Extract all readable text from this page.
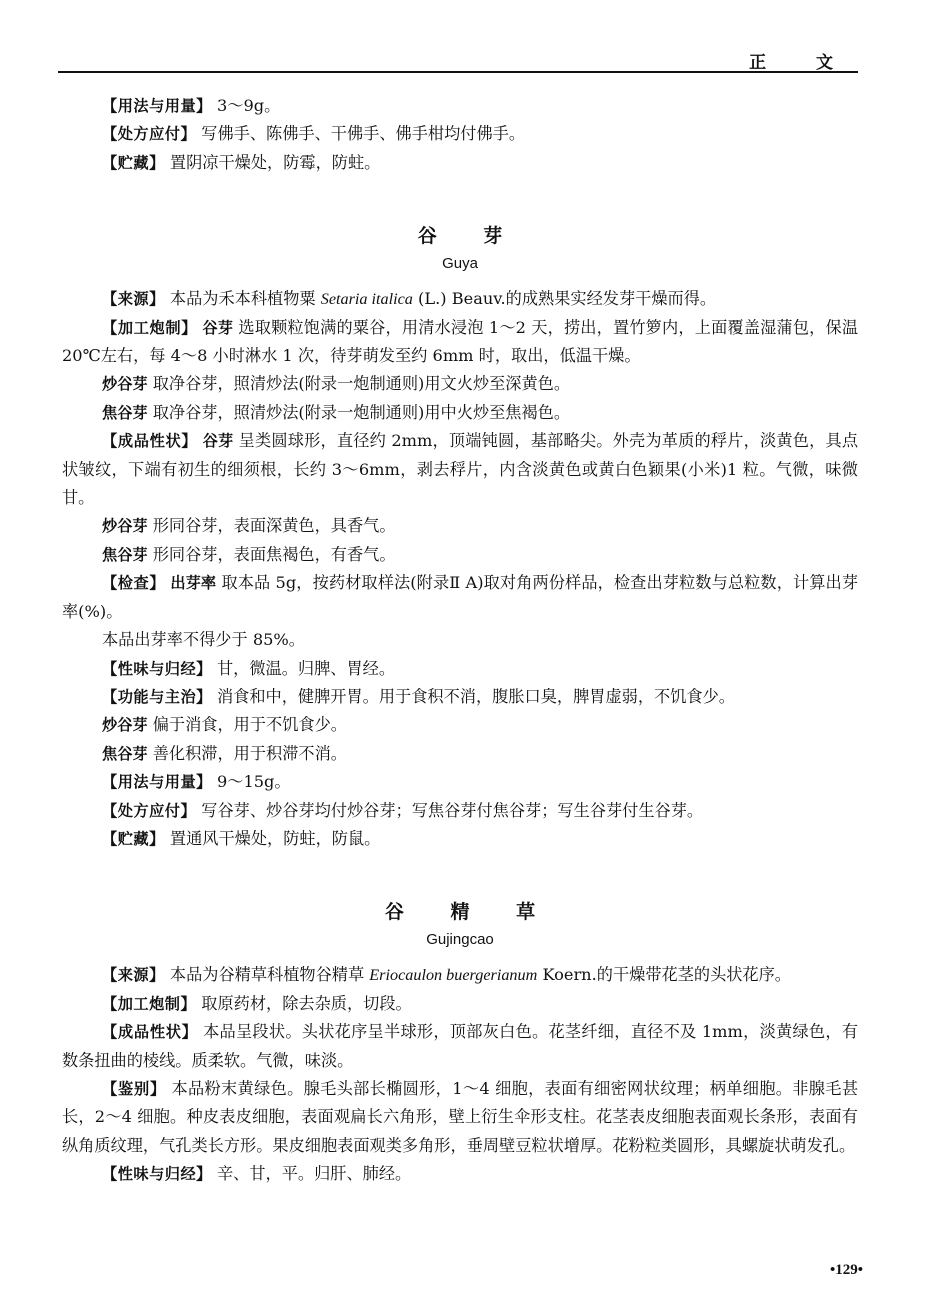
正 文

【用法与用量】 3～9g。

【处方应付】 写佛手、陈佛手、干佛手、佛手柑均付佛手。

【贮藏】 置阴凉干燥处，防霉，防蛀。

谷 芽
Guya

【来源】 本品为禾本科植物粟 Setaria italica (L.) Beauv.的成熟果实经发芽干燥而得。

【加工炮制】 谷芽 选取颗粒饱满的粟谷，用清水浸泡 1～2 天，捞出，置竹箩内，上面覆盖湿蒲包，保温 20℃左右，每 4～8 小时淋水 1 次，待芽萌发至约 6mm 时，取出，低温干燥。

炒谷芽 取净谷芽，照清炒法(附录一炮制通则)用文火炒至深黄色。

焦谷芽 取净谷芽，照清炒法(附录一炮制通则)用中火炒至焦褐色。

【成品性状】 谷芽 呈类圆球形，直径约 2mm，顶端钝圆，基部略尖。外壳为革质的稃片，淡黄色，具点状皱纹，下端有初生的细须根，长约 3～6mm，剥去稃片，内含淡黄色或黄白色颖果(小米)1 粒。气微，味微甘。

炒谷芽 形同谷芽，表面深黄色，具香气。

焦谷芽 形同谷芽，表面焦褐色，有香气。

【检查】 出芽率 取本品 5g，按药材取样法(附录Ⅱ A)取对角两份样品，检查出芽粒数与总粒数，计算出芽率(%)。

本品出芽率不得少于 85%。

【性味与归经】 甘，微温。归脾、胃经。

【功能与主治】 消食和中，健脾开胃。用于食积不消，腹胀口臭，脾胃虚弱，不饥食少。

炒谷芽 偏于消食，用于不饥食少。

焦谷芽 善化积滞，用于积滞不消。

【用法与用量】 9～15g。

【处方应付】 写谷芽、炒谷芽均付炒谷芽；写焦谷芽付焦谷芽；写生谷芽付生谷芽。

【贮藏】 置通风干燥处，防蛀，防鼠。

谷 精 草
Gujingcao

【来源】 本品为谷精草科植物谷精草 Eriocaulon buergerianum Koern.的干燥带花茎的头状花序。

【加工炮制】 取原药材，除去杂质，切段。

【成品性状】 本品呈段状。头状花序呈半球形，顶部灰白色。花茎纤细，直径不及 1mm，淡黄绿色，有数条扭曲的棱线。质柔软。气微，味淡。

【鉴别】 本品粉末黄绿色。腺毛头部长椭圆形，1～4 细胞，表面有细密网状纹理；柄单细胞。非腺毛甚长，2～4 细胞。种皮表皮细胞，表面观扁长六角形，壁上衍生伞形支柱。花茎表皮细胞表面观长条形，表面有纵角质纹理，气孔类长方形。果皮细胞表面观类多角形，垂周壁豆粒状增厚。花粉粒类圆形，具螺旋状萌发孔。

【性味与归经】 辛、甘，平。归肝、肺经。

•129•
